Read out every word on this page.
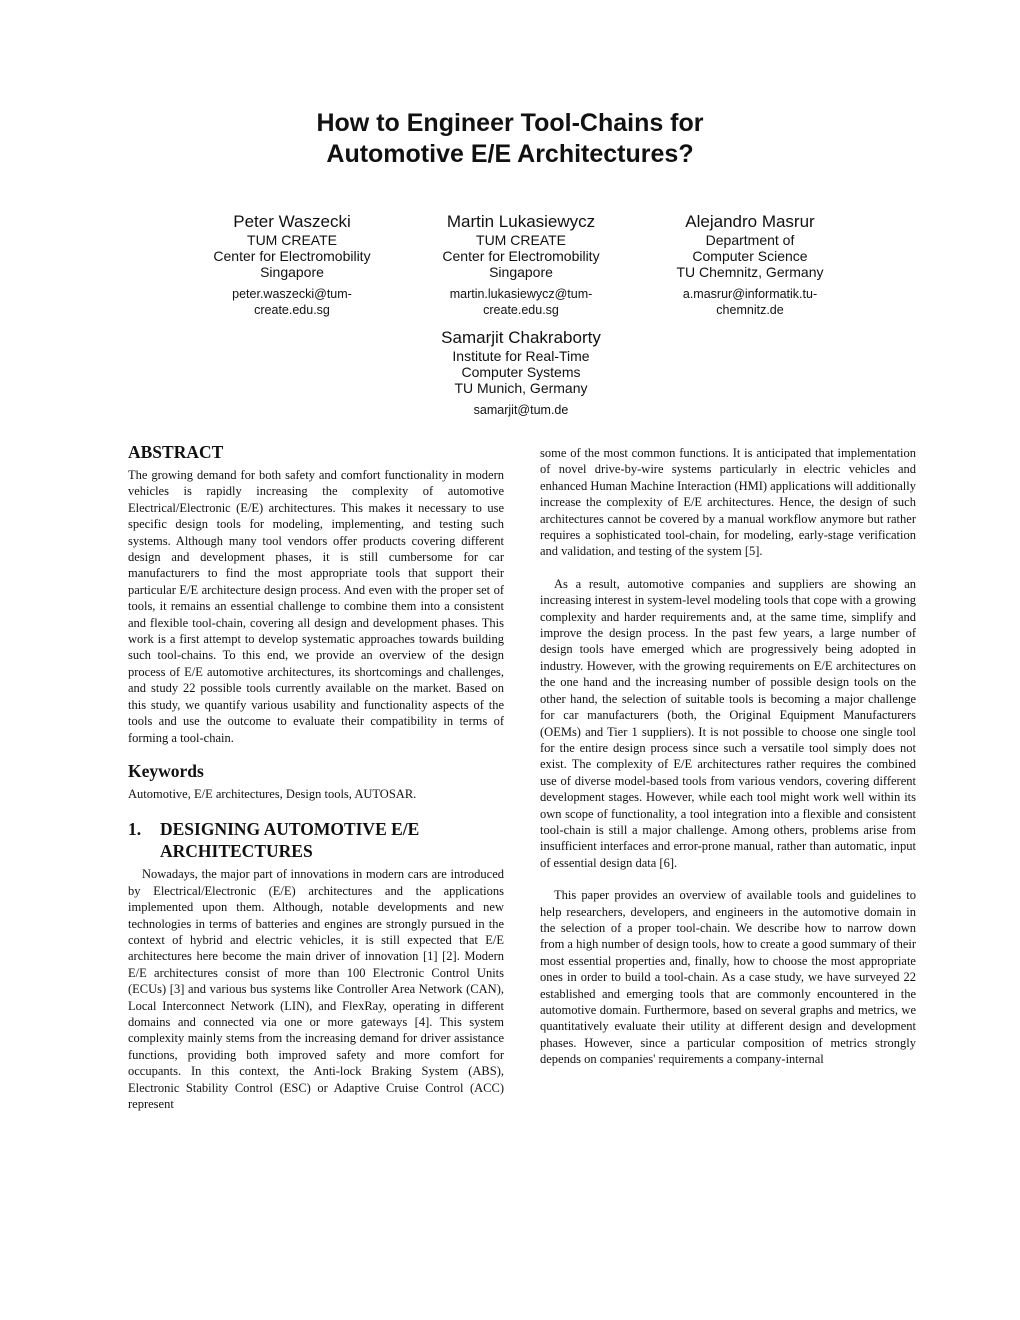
How to Engineer Tool-Chains for
Automotive E/E Architectures?
Peter Waszecki
TUM CREATE
Center for Electromobility
Singapore
peter.waszecki@tum-
create.edu.sg
Martin Lukasiewycz
TUM CREATE
Center for Electromobility
Singapore
martin.lukasiewycz@tum-
create.edu.sg
Alejandro Masrur
Department of
Computer Science
TU Chemnitz, Germany
a.masrur@informatik.tu-
chemnitz.de
Samarjit Chakraborty
Institute for Real-Time
Computer Systems
TU Munich, Germany
samarjit@tum.de
ABSTRACT

The growing demand for both safety and comfort functionality in modern vehicles is rapidly increasing the complexity of automotive Electrical/Electronic (E/E) architectures. This makes it necessary to use specific design tools for modeling, implementing, and testing such systems. Although many tool vendors offer products covering different design and development phases, it is still cumbersome for car manufacturers to find the most appropriate tools that support their particular E/E architecture design process. And even with the proper set of tools, it remains an essential challenge to combine them into a consistent and flexible tool-chain, covering all design and development phases. This work is a first attempt to develop systematic approaches towards building such tool-chains. To this end, we provide an overview of the design process of E/E automotive architectures, its shortcomings and challenges, and study 22 possible tools currently available on the market. Based on this study, we quantify various usability and functionality aspects of the tools and use the outcome to evaluate their compatibility in terms of forming a tool-chain.

Keywords

Automotive, E/E architectures, Design tools, AUTOSAR.

1.	DESIGNING AUTOMOTIVE E/E ARCHITECTURES

Nowadays, the major part of innovations in modern cars are introduced by Electrical/Electronic (E/E) architectures and the applications implemented upon them. Although, notable developments and new technologies in terms of batteries and engines are strongly pursued in the context of hybrid and electric vehicles, it is still expected that E/E architectures here become the main driver of innovation [1] [2]. Modern E/E architectures consist of more than 100 Electronic Control Units (ECUs) [3] and various bus systems like Controller Area Network (CAN), Local Interconnect Network (LIN), and FlexRay, operating in different domains and connected via one or more gateways [4]. This system complexity mainly stems from the increasing demand for driver assistance functions, providing both improved safety and more comfort for occupants. In this context, the Anti-lock Braking System (ABS), Electronic Stability Control (ESC) or Adaptive Cruise Control (ACC) represent

some of the most common functions. It is anticipated that implementation of novel drive-by-wire systems particularly in electric vehicles and enhanced Human Machine Interaction (HMI) applications will additionally increase the complexity of E/E architectures. Hence, the design of such architectures cannot be covered by a manual workflow anymore but rather requires a sophisticated tool-chain, for modeling, early-stage verification and validation, and testing of the system [5].

As a result, automotive companies and suppliers are showing an increasing interest in system-level modeling tools that cope with a growing complexity and harder requirements and, at the same time, simplify and improve the design process. In the past few years, a large number of design tools have emerged which are progressively being adopted in industry. However, with the growing requirements on E/E architectures on the one hand and the increasing number of possible design tools on the other hand, the selection of suitable tools is becoming a major challenge for car manufacturers (both, the Original Equipment Manufacturers (OEMs) and Tier 1 suppliers). It is not possible to choose one single tool for the entire design process since such a versatile tool simply does not exist. The complexity of E/E architectures rather requires the combined use of diverse model-based tools from various vendors, covering different development stages. However, while each tool might work well within its own scope of functionality, a tool integration into a flexible and consistent tool-chain is still a major challenge. Among others, problems arise from insufficient interfaces and error-prone manual, rather than automatic, input of essential design data [6].

This paper provides an overview of available tools and guidelines to help researchers, developers, and engineers in the automotive domain in the selection of a proper tool-chain. We describe how to narrow down from a high number of design tools, how to create a good summary of their most essential properties and, finally, how to choose the most appropriate ones in order to build a tool-chain. As a case study, we have surveyed 22 established and emerging tools that are commonly encountered in the automotive domain. Furthermore, based on several graphs and metrics, we quantitatively evaluate their utility at different design and development phases. However, since a particular composition of metrics strongly depends on companies' requirements a company-internal
